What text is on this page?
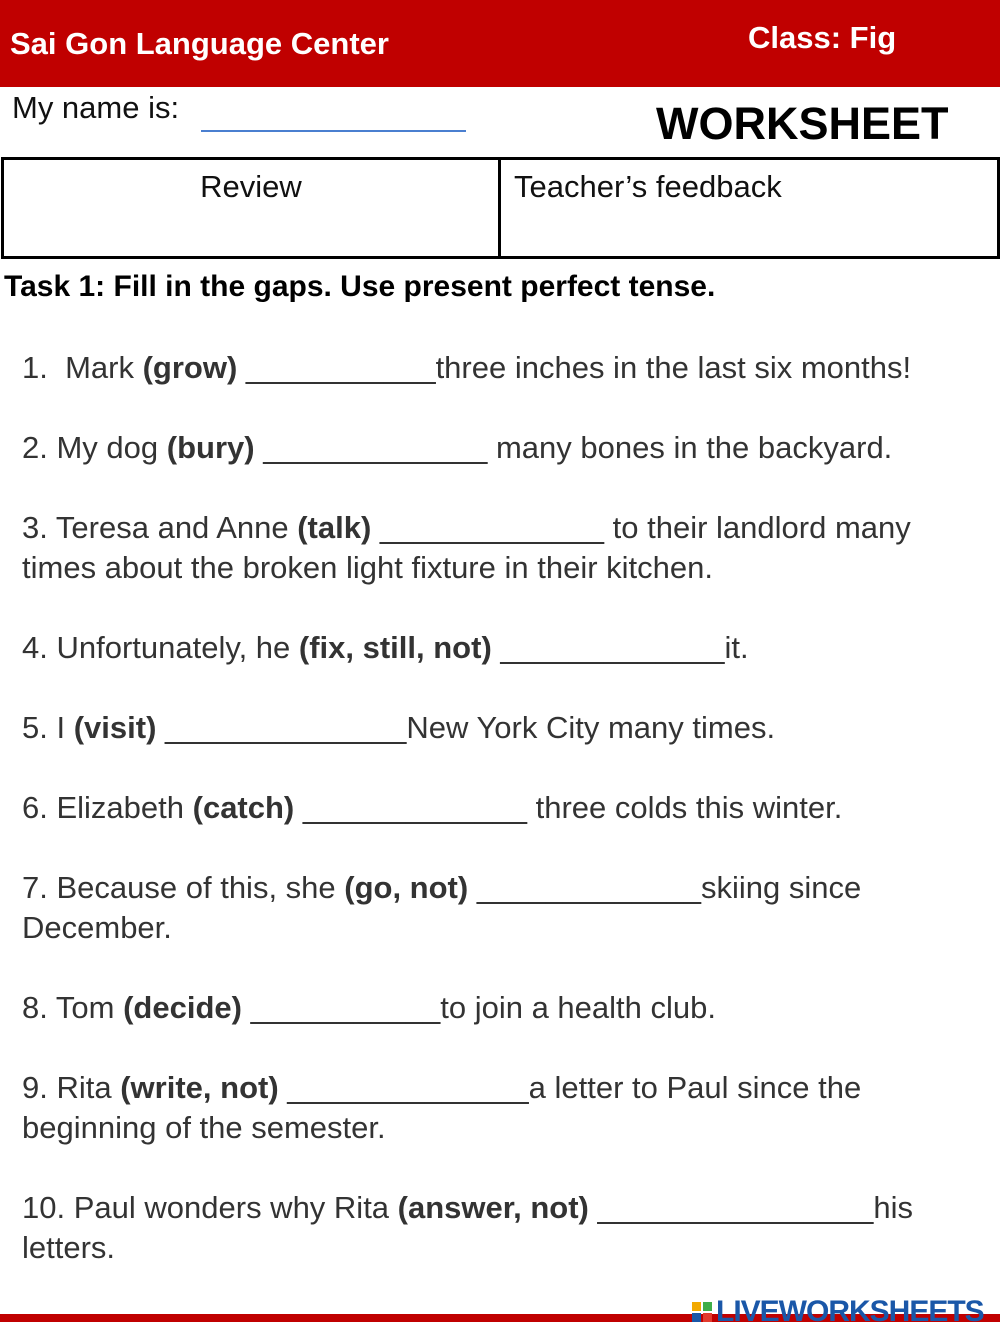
Sai Gon Language Center	Class: Fig
My name is:	WORKSHEET
Review	Teacher’s feedback
Task 1: Fill in the gaps. Use present perfect tense.
1. Mark (grow) ___________three inches in the last six months!
2. My dog (bury) _____________ many bones in the backyard.
3. Teresa and Anne (talk) _____________ to their landlord many times about the broken light fixture in their kitchen.
4. Unfortunately, he (fix, still, not) _____________it.
5. I (visit) ______________New York City many times.
6. Elizabeth (catch) _____________ three colds this winter.
7. Because of this, she (go, not) _____________skiing since December.
8. Tom (decide) ___________to join a health club.
9. Rita (write, not) ______________a letter to Paul since the beginning of the semester.
10. Paul wonders why Rita (answer, not) ________________his letters.
LIVEWORKSHEETS
